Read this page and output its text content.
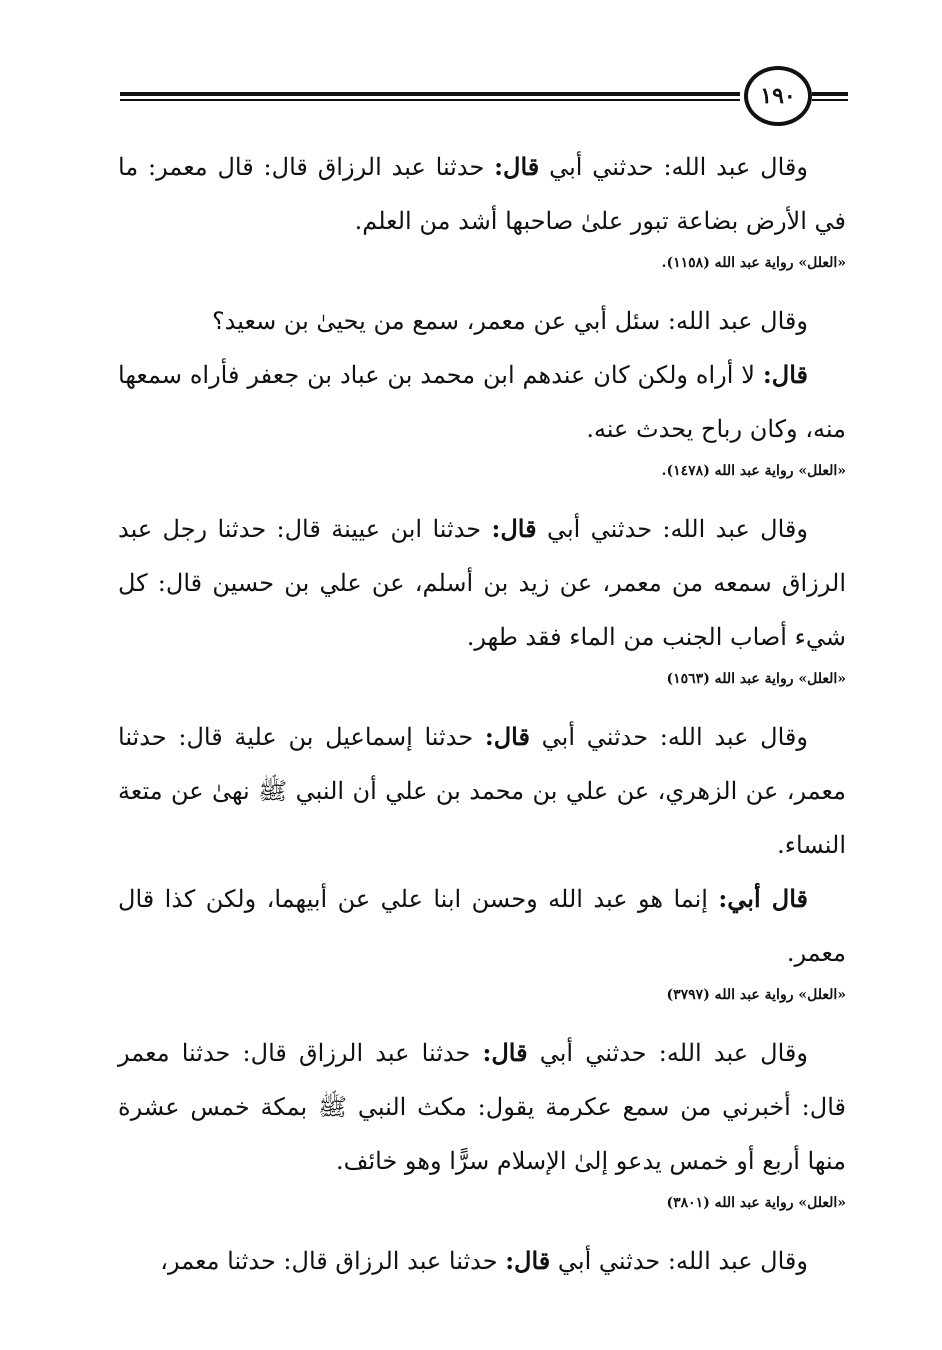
١٩٠

وقال عبد الله: حدثني أبي قال: حدثنا عبد الرزاق قال: قال معمر: ما في الأرض بضاعة تبور علىٰ صاحبها أشد من العلم.

«العلل» رواية عبد الله (١١٥٨).

وقال عبد الله: سئل أبي عن معمر، سمع من يحيىٰ بن سعيد؟

قال: لا أراه ولكن كان عندهم ابن محمد بن عباد بن جعفر فأراه سمعها منه، وكان رباح يحدث عنه.

«العلل» رواية عبد الله (١٤٧٨).

وقال عبد الله: حدثني أبي قال: حدثنا ابن عيينة قال: حدثنا رجل عبد الرزاق سمعه من معمر، عن زيد بن أسلم، عن علي بن حسين قال: كل شيء أصاب الجنب من الماء فقد طهر.

«العلل» رواية عبد الله (١٥٦٣)

وقال عبد الله: حدثني أبي قال: حدثنا إسماعيل بن علية قال: حدثنا معمر، عن الزهري، عن علي بن محمد بن علي أن النبي ﷺ نهىٰ عن متعة النساء.

قال أبي: إنما هو عبد الله وحسن ابنا علي عن أبيهما، ولكن كذا قال معمر.

«العلل» رواية عبد الله (٣٧٩٧)

وقال عبد الله: حدثني أبي قال: حدثنا عبد الرزاق قال: حدثنا معمر قال: أخبرني من سمع عكرمة يقول: مكث النبي ﷺ بمكة خمس عشرة منها أربع أو خمس يدعو إلىٰ الإسلام سرًّا وهو خائف.

«العلل» رواية عبد الله (٣٨٠١)

وقال عبد الله: حدثني أبي قال: حدثنا عبد الرزاق قال: حدثنا معمر،
